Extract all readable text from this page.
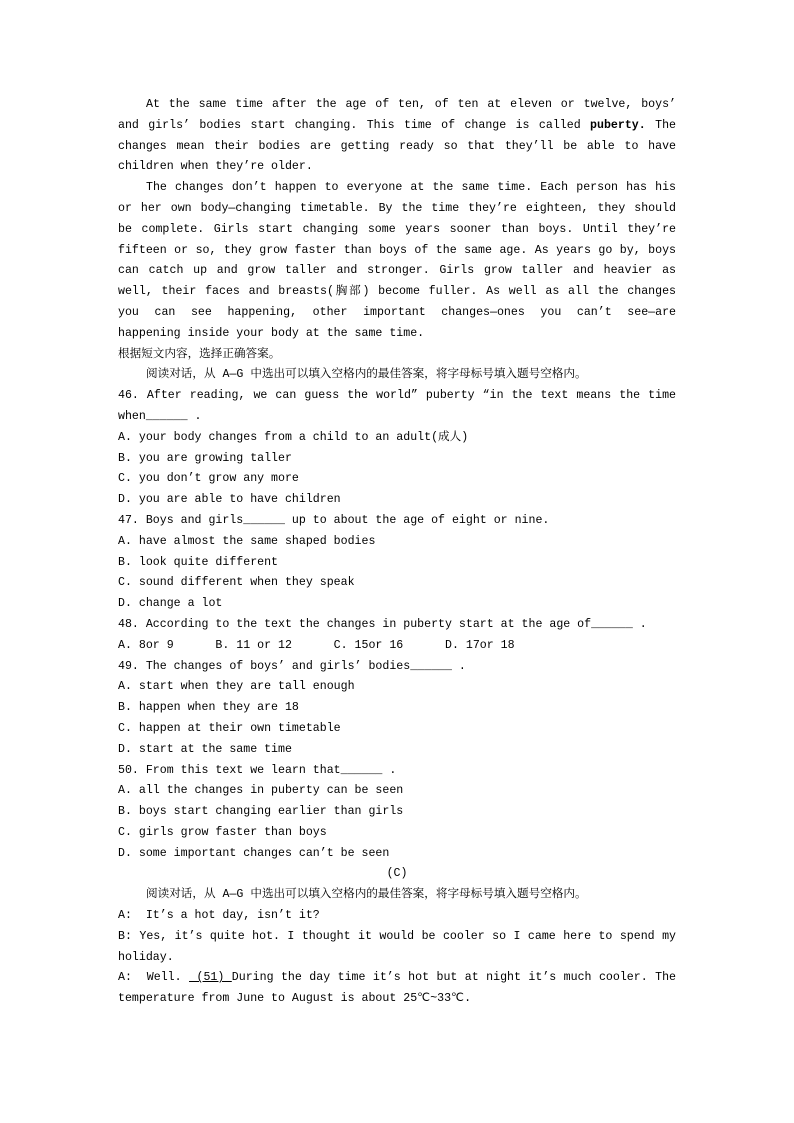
At the same time after the age of ten, of ten at eleven or twelve, boys’
and girls’ bodies start changing. This time of change is called puberty. The
changes mean their bodies are getting ready so that they’ll be able to have
children when they’re older.
The changes don’t happen to everyone at the same time. Each person has his
or her own body—changing timetable. By the time they’re eighteen, they should
be complete. Girls start changing some years sooner than boys. Until they’re
fifteen or so, they grow faster than boys of the same age. As years go by, boys
can catch up and grow taller and stronger. Girls grow taller and heavier as
well, their faces and breasts(胸部) become fuller. As well as all the changes
you can see happening, other important changes—ones you can’t see—are
happening inside your body at the same time.
根据短文内容，选择正确答案。
阅读对话，从 A—G 中选出可以填入空格内的最佳答案，将字母标号填入题号空格内。
46. After reading, we can guess the world” puberty “in the text means the time
when______ .
A. your body changes from a child to an adult(成人)
B. you are growing taller
C. you don’t grow any more
D. you are able to have children
47. Boys and girls______ up to about the age of eight or nine.
A. have almost the same shaped bodies
B. look quite different
C. sound different when they speak
D. change a lot
48. According to the text the changes in puberty start at the age of______ .
A. 8or 9      B. 11 or 12      C. 15or 16      D. 17or 18
49. The changes of boys’ and girls’ bodies______ .
A. start when they are tall enough
B. happen when they are 18
C. happen at their own timetable
D. start at the same time
50. From this text we learn that______ .
A. all the changes in puberty can be seen
B. boys start changing earlier than girls
C. girls grow faster than boys
D. some important changes can’t be seen
(C)
阅读对话，从 A—G 中选出可以填入空格内的最佳答案，将字母标号填入题号空格内。
A:  It’s a hot day, isn’t it?
B: Yes, it’s quite hot. I thought it would be cooler so I came here to spend my
holiday.
A:  Well.  (51) During the day time it’s hot but at night it’s much cooler. The
temperature from June to August is about 25℃~33℃.
